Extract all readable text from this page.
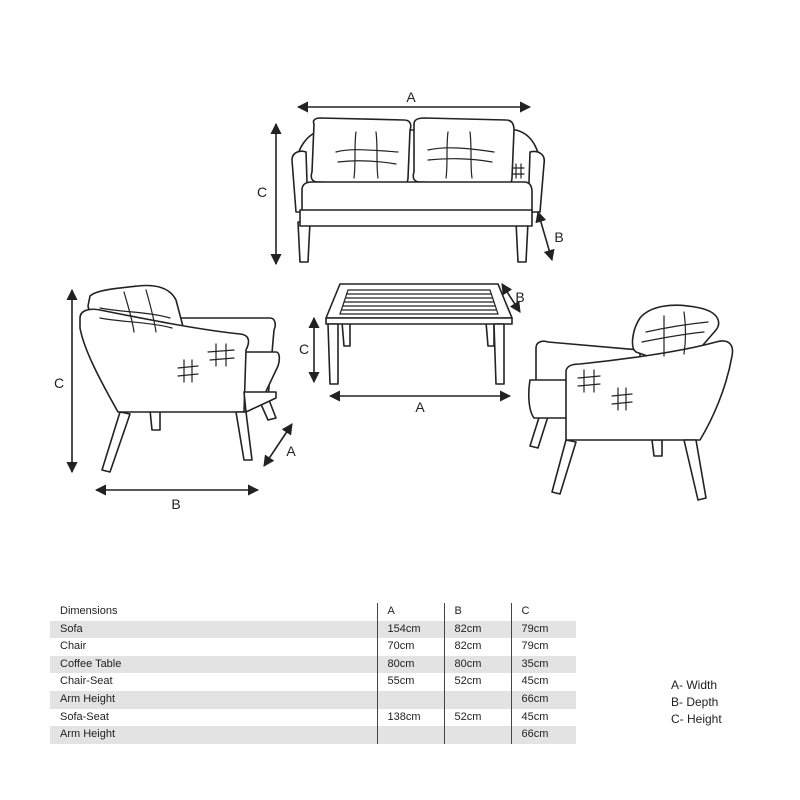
A
C
B
C
B
A
C
A
B
Dimensions	A	B	C
Sofa	154cm	82cm	79cm
Chair	70cm	82cm	79cm
Coffee Table	80cm	80cm	35cm
Chair-Seat	55cm	52cm	45cm
Arm Height			66cm
Sofa-Seat	138cm	52cm	45cm
Arm Height			66cm
A- Width
B- Depth
C- Height
